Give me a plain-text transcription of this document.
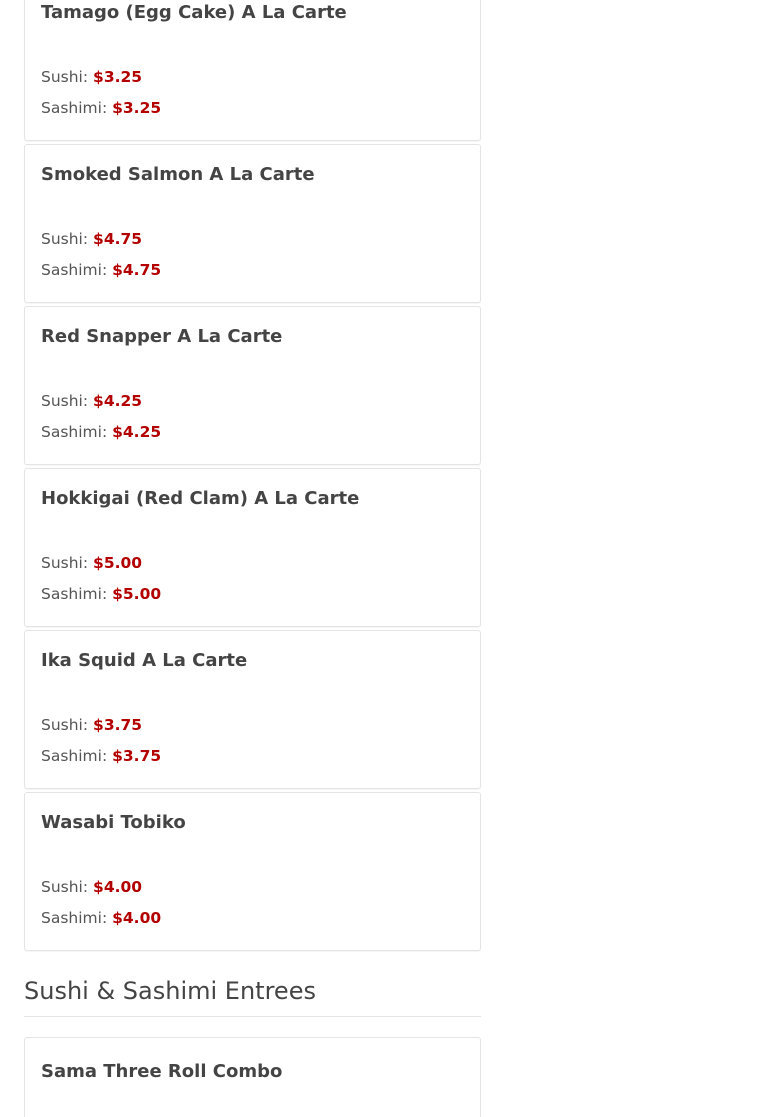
Tamago (Egg Cake) A La Carte
Sushi: $3.25
Sashimi: $3.25
Smoked Salmon A La Carte
Sushi: $4.75
Sashimi: $4.75
Red Snapper A La Carte
Sushi: $4.25
Sashimi: $4.25
Hokkigai (Red Clam) A La Carte
Sushi: $5.00
Sashimi: $5.00
Ika Squid A La Carte
Sushi: $3.75
Sashimi: $3.75
Wasabi Tobiko
Sushi: $4.00
Sashimi: $4.00
Sushi & Sashimi Entrees
Sama Three Roll Combo
